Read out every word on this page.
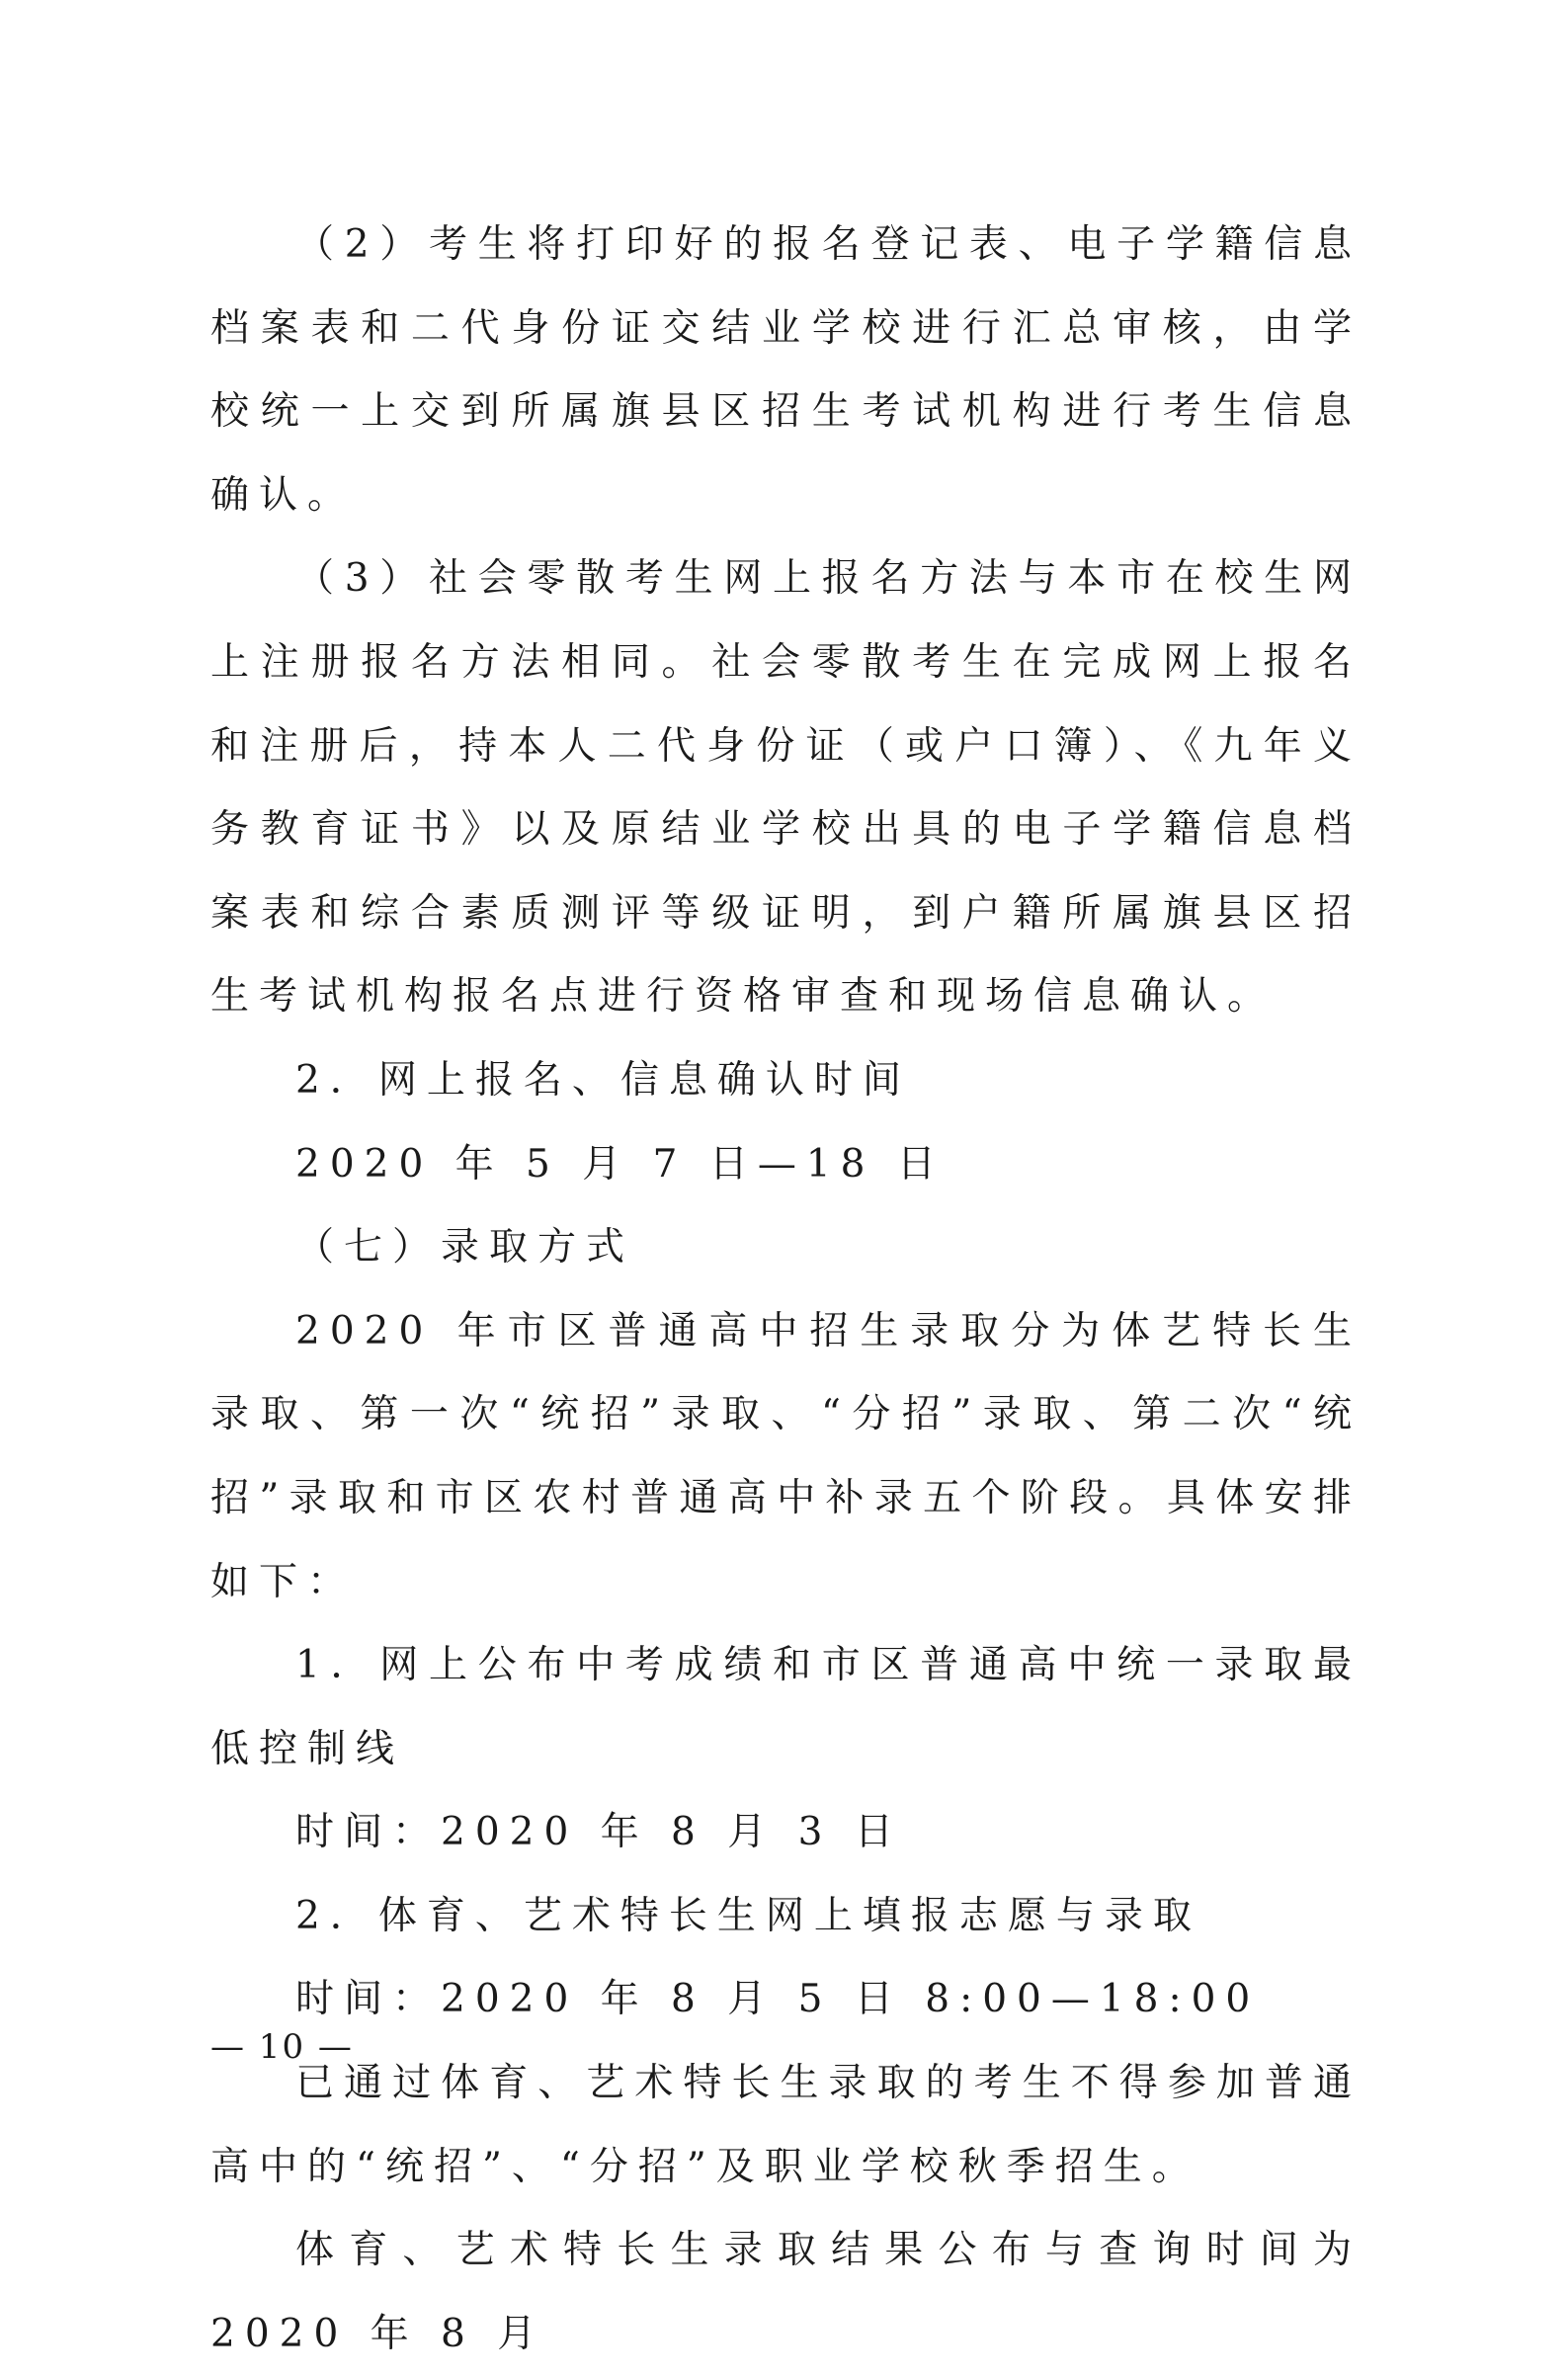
（2）考生将打印好的报名登记表、电子学籍信息档案表和二代身份证交结业学校进行汇总审核，由学校统一上交到所属旗县区招生考试机构进行考生信息确认。

（3）社会零散考生网上报名方法与本市在校生网上注册报名方法相同。社会零散考生在完成网上报名和注册后，持本人二代身份证（或户口簿）、《九年义务教育证书》以及原结业学校出具的电子学籍信息档案表和综合素质测评等级证明，到户籍所属旗县区招生考试机构报名点进行资格审查和现场信息确认。

2．网上报名、信息确认时间

2020 年 5 月 7 日—18 日

（七）录取方式

2020 年市区普通高中招生录取分为体艺特长生录取、第一次“统招”录取、“分招”录取、第二次“统招”录取和市区农村普通高中补录五个阶段。具体安排如下：

1．网上公布中考成绩和市区普通高中统一录取最低控制线

时间：2020 年 8 月 3 日

2．体育、艺术特长生网上填报志愿与录取

时间：2020 年 8 月 5 日 8:00—18:00

已通过体育、艺术特长生录取的考生不得参加普通高中的“统招”、“分招”及职业学校秋季招生。

体育、艺术特长生录取结果公布与查询时间为 2020 年 8 月

— 10 —
